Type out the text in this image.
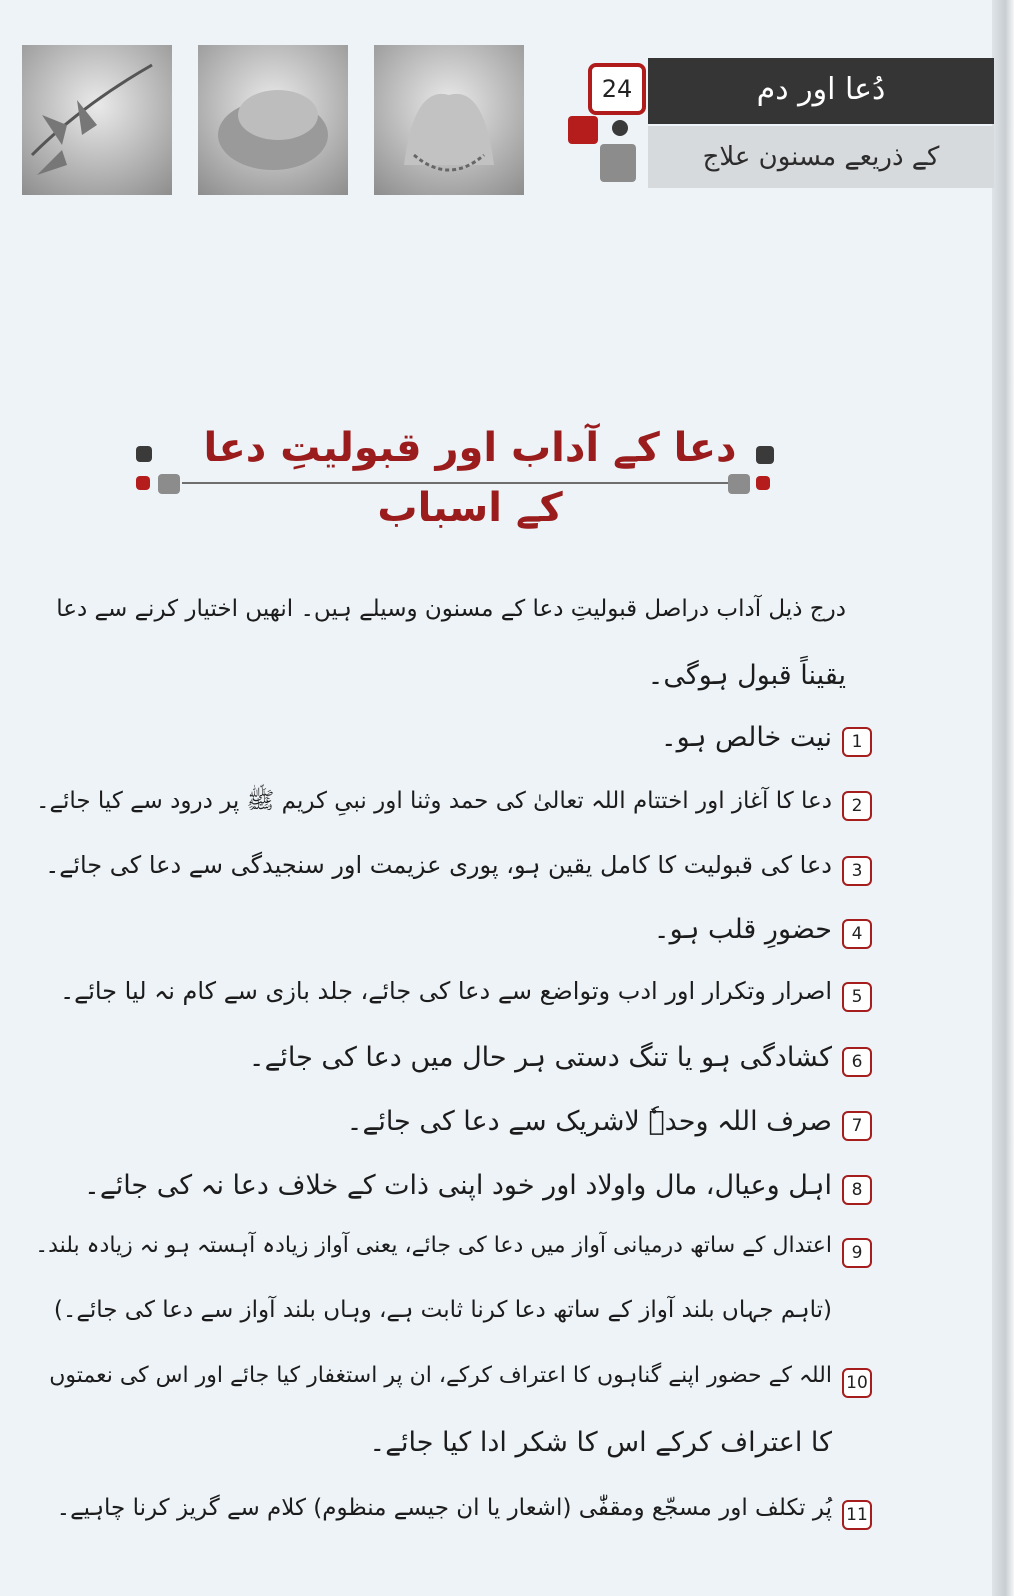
دُعا اور دم
کے ذریعے مسنون علاج
24
دعا کے آداب اور قبولیتِ دعا کے اسباب
درج ذیل آداب دراصل قبولیتِ دعا کے مسنون وسیلے ہیں۔ انھیں اختیار کرنے سے دعا
یقیناً قبول ہوگی۔
1
نیت خالص ہو۔
2
دعا کا آغاز اور اختتام اللہ تعالیٰ کی حمد وثنا اور نبیِ کریم ﷺ پر درود سے کیا جائے۔
3
دعا کی قبولیت کا کامل یقین ہو، پوری عزیمت اور سنجیدگی سے دعا کی جائے۔
4
حضورِ قلب ہو۔
5
اصرار وتکرار اور ادب وتواضع سے دعا کی جائے، جلد بازی سے کام نہ لیا جائے۔
6
کشادگی ہو یا تنگ دستی ہر حال میں دعا کی جائے۔
7
صرف اللہ وحدہٗ لاشریک سے دعا کی جائے۔
8
اہل وعیال، مال واولاد اور خود اپنی ذات کے خلاف دعا نہ کی جائے۔
9
اعتدال کے ساتھ درمیانی آواز میں دعا کی جائے، یعنی آواز زیادہ آہستہ ہو نہ زیادہ بلند۔
(تاہم جہاں بلند آواز کے ساتھ دعا کرنا ثابت ہے، وہاں بلند آواز سے دعا کی جائے۔)
10
اللہ کے حضور اپنے گناہوں کا اعتراف کرکے، ان پر استغفار کیا جائے اور اس کی نعمتوں
کا اعتراف کرکے اس کا شکر ادا کیا جائے۔
11
پُر تکلف اور مسجّع ومقفّٰی (اشعار یا ان جیسے منظوم) کلام سے گریز کرنا چاہیے۔
